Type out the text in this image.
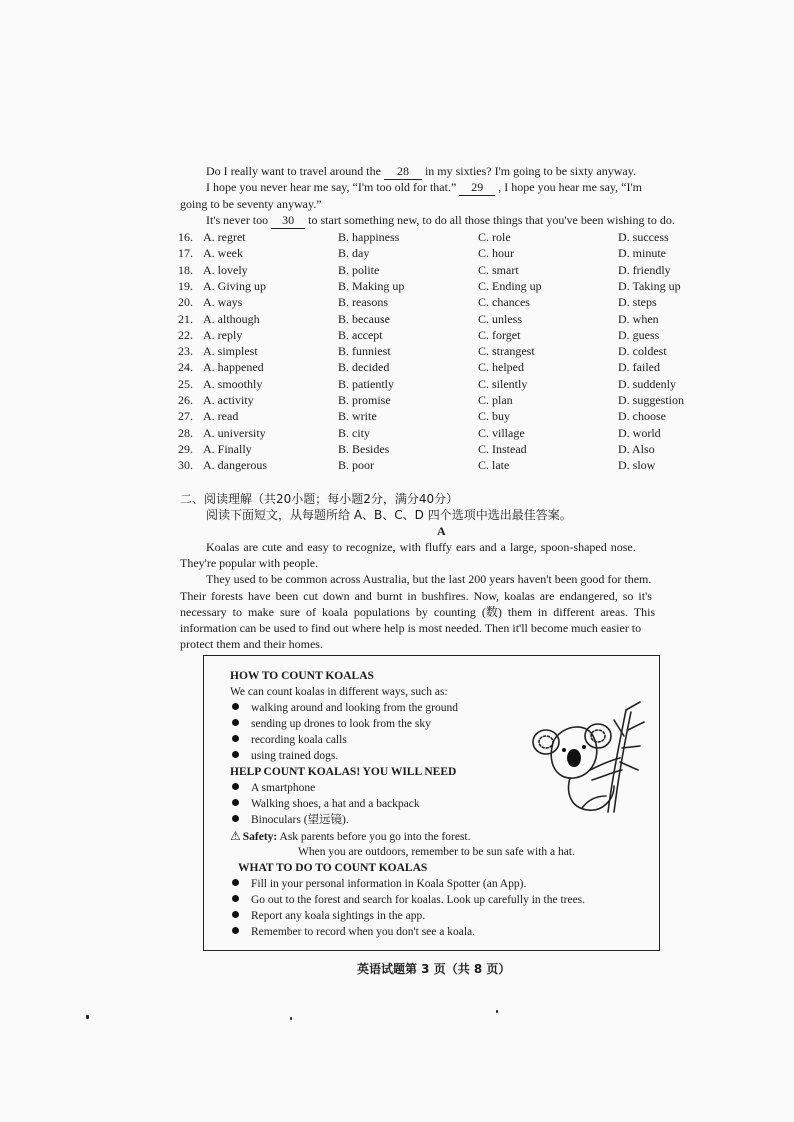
Do I really want to travel around the 28 in my sixties? I'm going to be sixty anyway.
I hope you never hear me say, “I'm too old for that.” 29 , I hope you hear me say, “I'm
going to be seventy anyway.”
It's never too 30 to start something new, to do all those things that you've been wishing to do.
16. A. regret	B. happiness	C. role	D. success
17. A. week	B. day	C. hour	D. minute
18. A. lovely	B. polite	C. smart	D. friendly
19. A. Giving up	B. Making up	C. Ending up	D. Taking up
20. A. ways	B. reasons	C. chances	D. steps
21. A. although	B. because	C. unless	D. when
22. A. reply	B. accept	C. forget	D. guess
23. A. simplest	B. funniest	C. strangest	D. coldest
24. A. happened	B. decided	C. helped	D. failed
25. A. smoothly	B. patiently	C. silently	D. suddenly
26. A. activity	B. promise	C. plan	D. suggestion
27. A. read	B. write	C. buy	D. choose
28. A. university	B. city	C. village	D. world
29. A. Finally	B. Besides	C. Instead	D. Also
30. A. dangerous	B. poor	C. late	D. slow
二、阅读理解（共20小题；每小题2分，满分40分）
阅读下面短文，从每题所给 A、B、C、D 四个选项中选出最佳答案。
A
Koalas are cute and easy to recognize, with fluffy ears and a large, spoon-shaped nose.
They're popular with people.
They used to be common across Australia, but the last 200 years haven't been good for them.
Their forests have been cut down and burnt in bushfires. Now, koalas are endangered, so it's
necessary to make sure of koala populations by counting (数) them in different areas. This
information can be used to find out where help is most needed. Then it'll become much easier to
protect them and their homes.
HOW TO COUNT KOALAS
We can count koalas in different ways, such as:
walking around and looking from the ground
sending up drones to look from the sky
recording koala calls
using trained dogs.
HELP COUNT KOALAS! YOU WILL NEED
A smartphone
Walking shoes, a hat and a backpack
Binoculars (望远镜).
⚠ Safety: Ask parents before you go into the forest.
When you are outdoors, remember to be sun safe with a hat.
WHAT TO DO TO COUNT KOALAS
Fill in your personal information in Koala Spotter (an App).
Go out to the forest and search for koalas. Look up carefully in the trees.
Report any koala sightings in the app.
Remember to record when you don't see a koala.
英语试题第 3 页（共 8 页）
